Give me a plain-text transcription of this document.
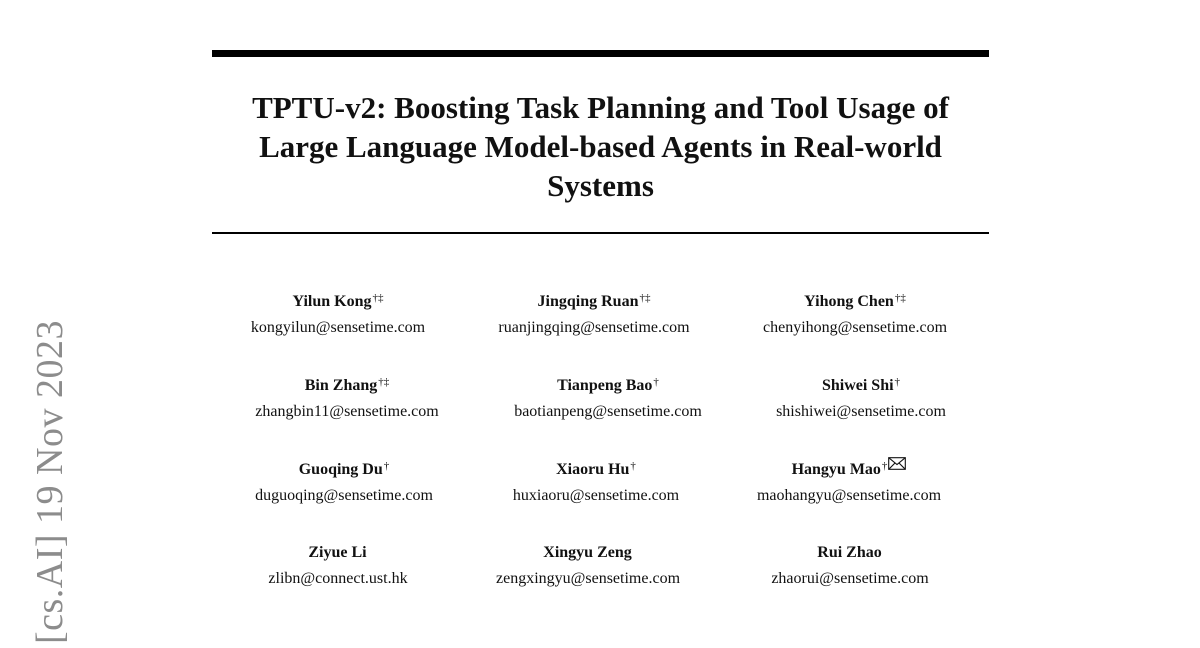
[cs.AI] 19 Nov 2023
TPTU-v2: Boosting Task Planning and Tool Usage of
Large Language Model-based Agents in Real-world
Systems
Yilun Kong†‡
kongyilun@sensetime.com
Jingqing Ruan†‡
ruanjingqing@sensetime.com
Yihong Chen†‡
chenyihong@sensetime.com
Bin Zhang†‡
zhangbin11@sensetime.com
Tianpeng Bao†
baotianpeng@sensetime.com
Shiwei Shi†
shishiwei@sensetime.com
Guoqing Du†
duguoqing@sensetime.com
Xiaoru Hu†
huxiaoru@sensetime.com
Hangyu Mao†
maohangyu@sensetime.com
Ziyue Li
zlibn@connect.ust.hk
Xingyu Zeng
zengxingyu@sensetime.com
Rui Zhao
zhaorui@sensetime.com
